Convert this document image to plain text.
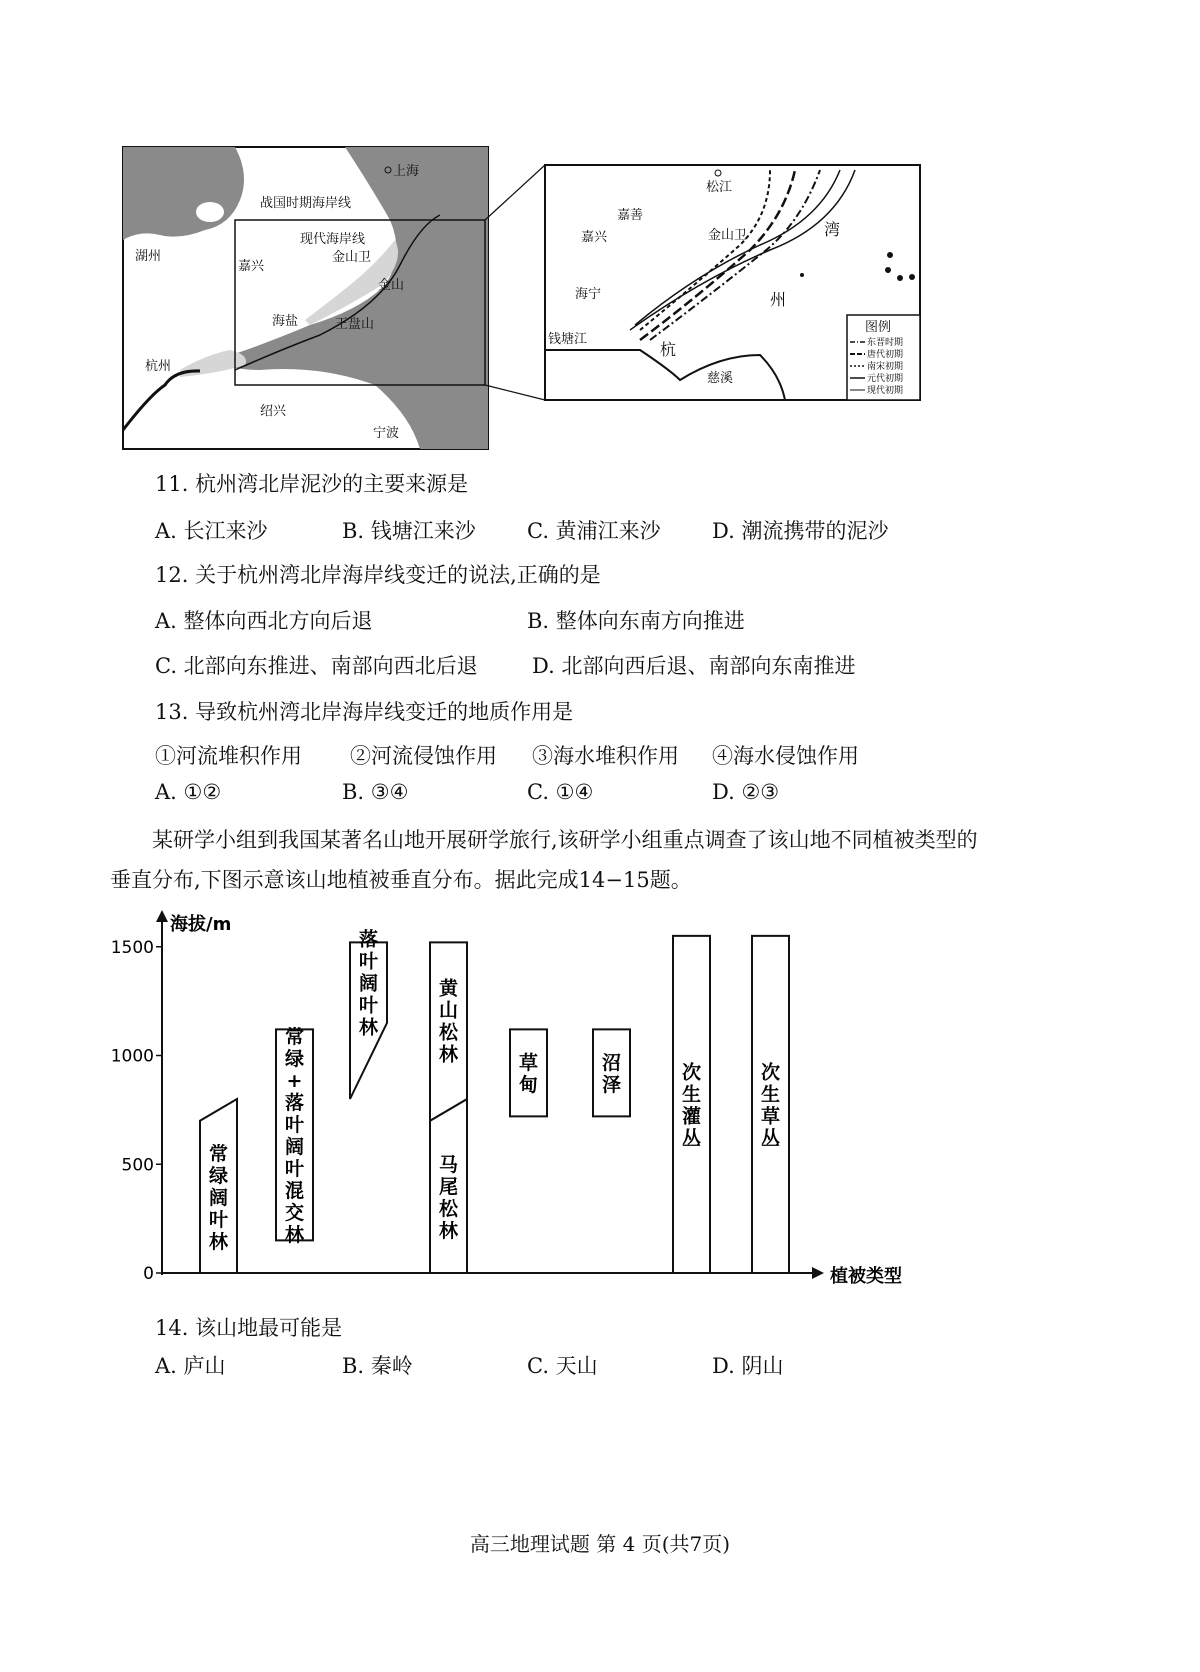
上海
战国时期海岸线
现代海岸线
金山卫
金山
湖州
嘉兴
海盐	王盘山
杭州
绍兴
宁波
松江
嘉善
嘉兴	金山卫
海宁
钱塘江
湾
州
杭
慈溪
图例
东晋时期
唐代初期
南宋初期
元代初期
现代初期
11. 杭州湾北岸泥沙的主要来源是
A. 长江来沙	B. 钱塘江来沙 C. 黄浦江来沙 D. 潮流携带的泥沙
12. 关于杭州湾北岸海岸线变迁的说法,正确的是
A. 整体向西北方向后退	B. 整体向东南方向推进
C. 北部向东推进、南部向西北后退	D. 北部向西后退、南部向东南推进
13. 导致杭州湾北岸海岸线变迁的地质作用是
①河流堆积作用 ②河流侵蚀作用 ③海水堆积作用 ④海水侵蚀作用
A. ①②	B. ③④	C. ①④	D. ②③
某研学小组到我国某著名山地开展研学旅行,该研学小组重点调查了该山地不同植被类型的垂直分布,下图示意该山地植被垂直分布。据此完成14−15题。
海拔/m
植被类型
0
500
1000
1500
常绿阔叶林
常绿+落叶阔叶混交林
落叶阔叶林
马尾松林
黄山松林	草甸
沼泽
次生灌丛
次生草丛
14. 该山地最可能是
A. 庐山	B. 秦岭	C. 天山	D. 阴山
高三地理试题 第 4 页(共7页)
